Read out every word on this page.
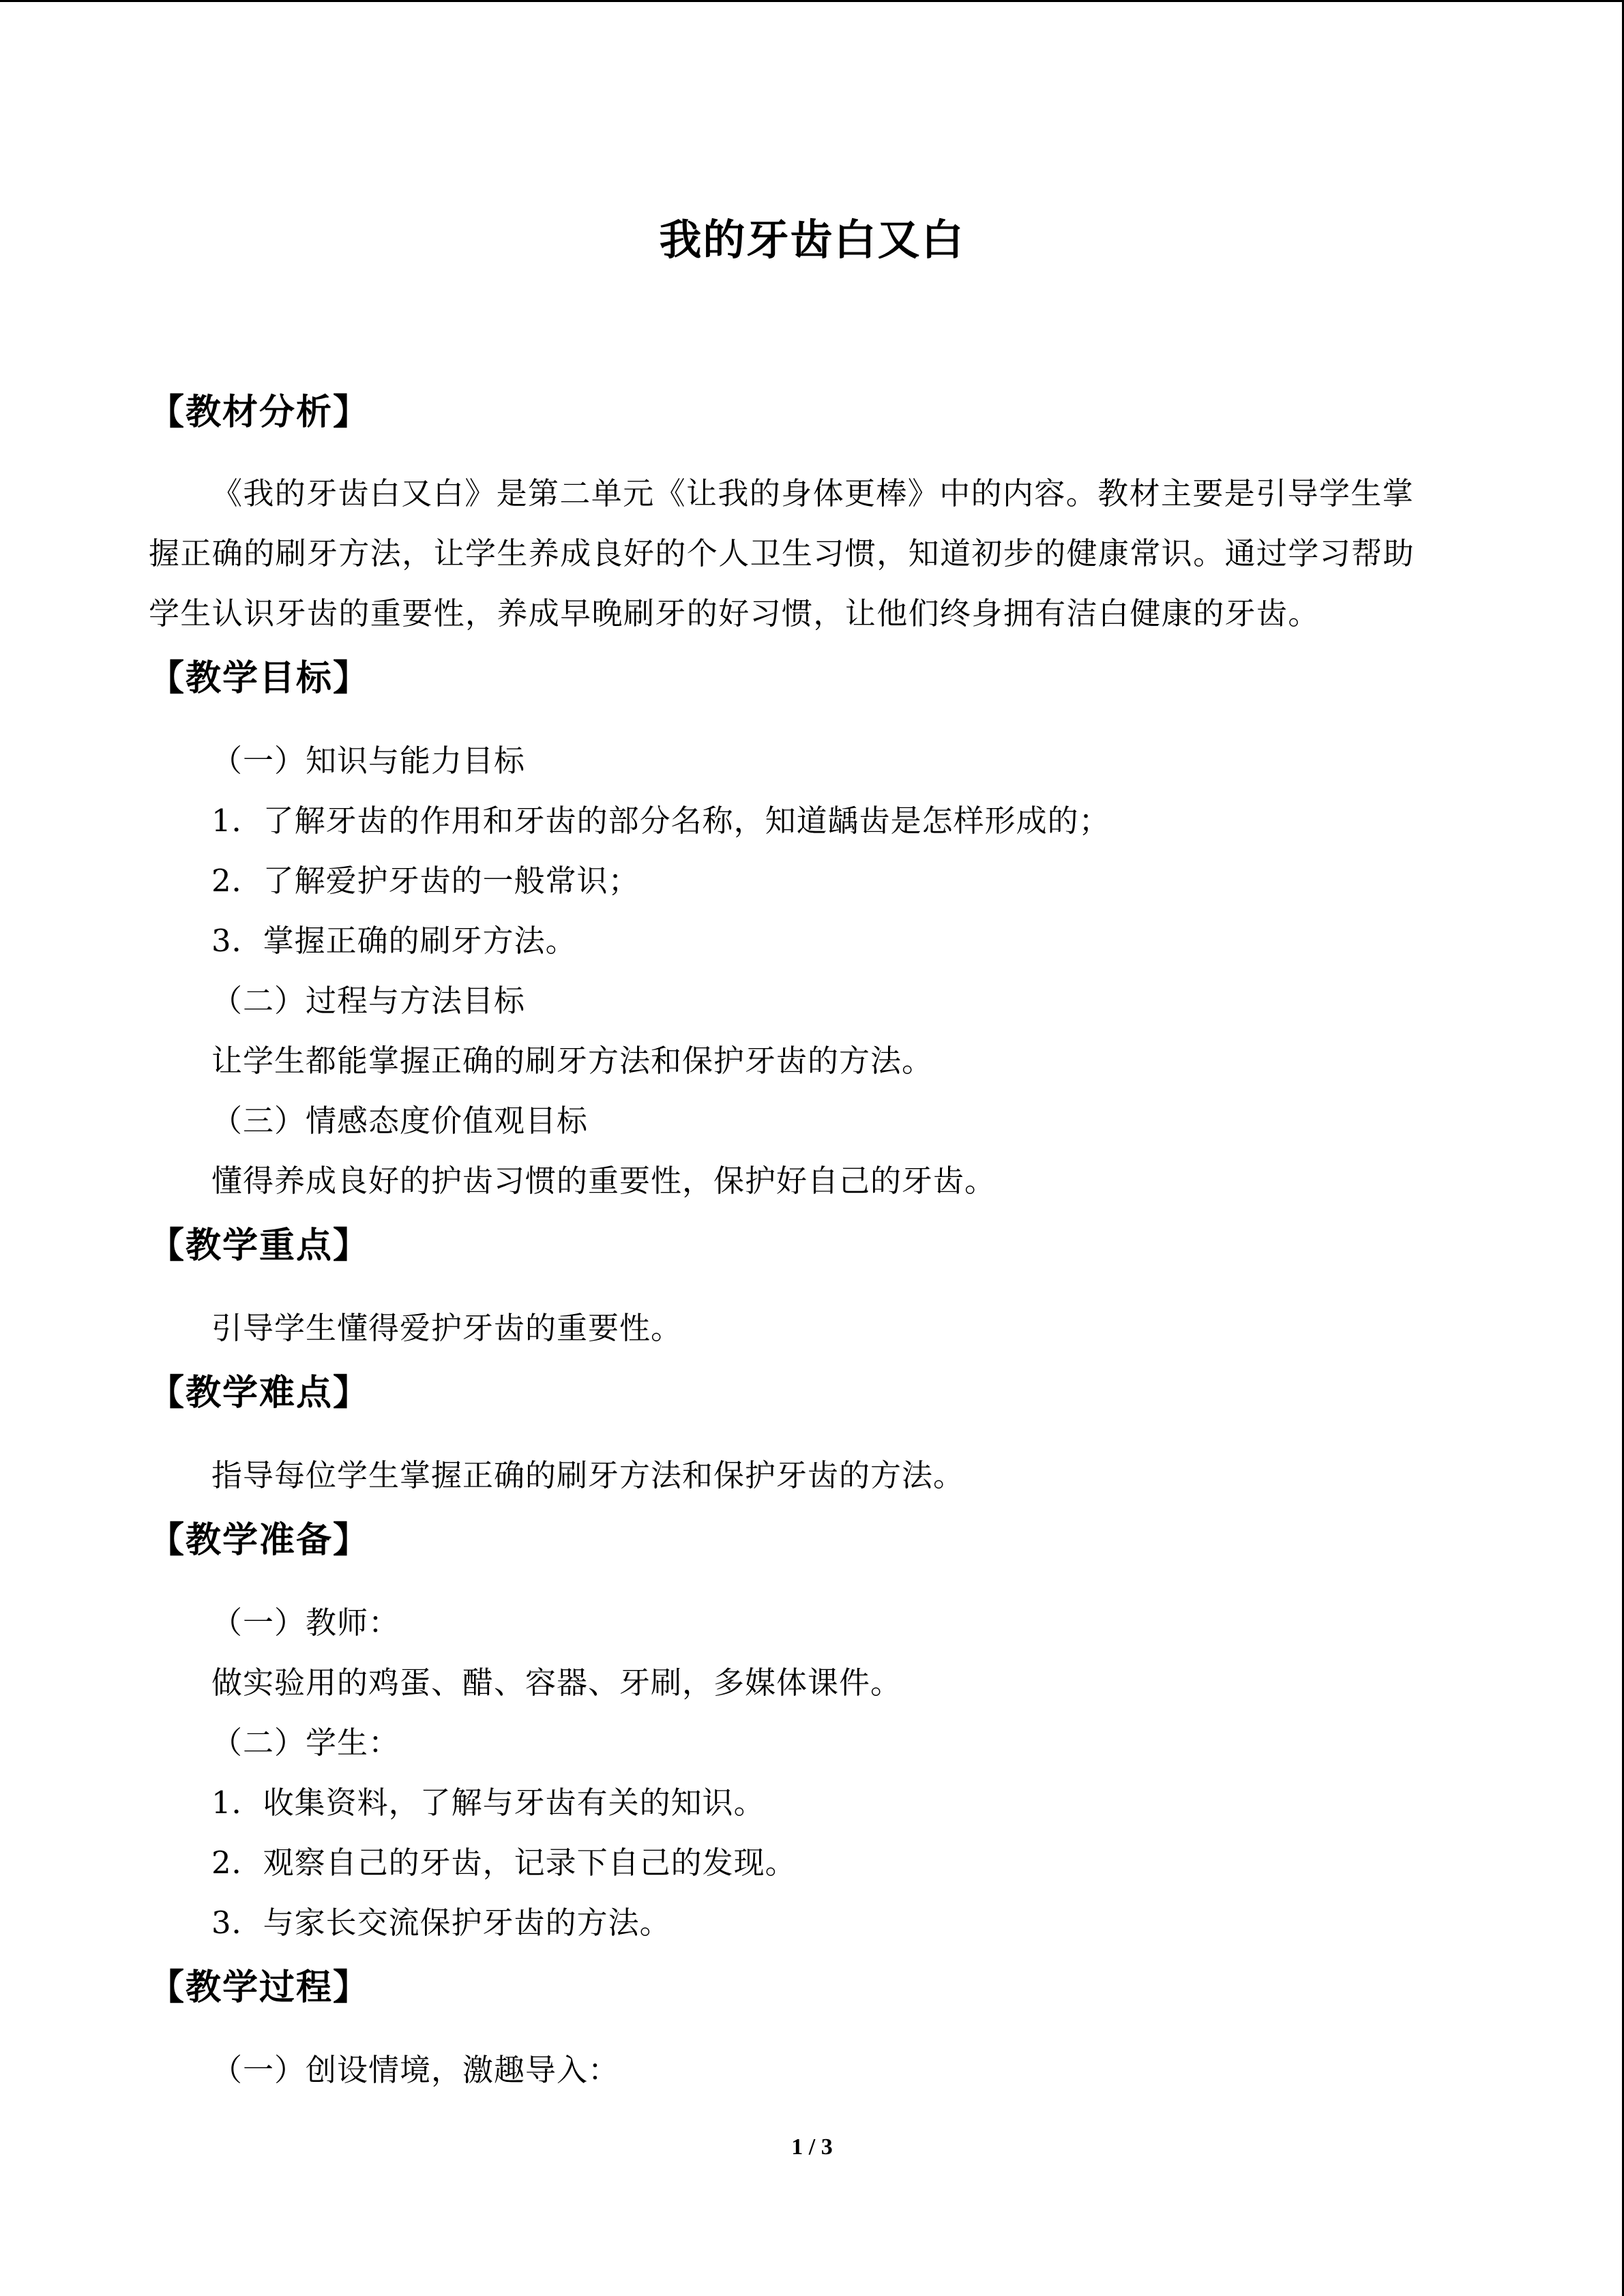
我的牙齿白又白
【教材分析】
《我的牙齿白又白》是第二单元《让我的身体更棒》中的内容。教材主要是引导学生掌
握正确的刷牙方法，让学生养成良好的个人卫生习惯，知道初步的健康常识。通过学习帮助
学生认识牙齿的重要性，养成早晚刷牙的好习惯，让他们终身拥有洁白健康的牙齿。
【教学目标】
（一）知识与能力目标
1．了解牙齿的作用和牙齿的部分名称，知道龋齿是怎样形成的；
2．了解爱护牙齿的一般常识；
3．掌握正确的刷牙方法。
（二）过程与方法目标
让学生都能掌握正确的刷牙方法和保护牙齿的方法。
（三）情感态度价值观目标
懂得养成良好的护齿习惯的重要性，保护好自己的牙齿。
【教学重点】
引导学生懂得爱护牙齿的重要性。
【教学难点】
指导每位学生掌握正确的刷牙方法和保护牙齿的方法。
【教学准备】
（一）教师：
做实验用的鸡蛋、醋、容器、牙刷，多媒体课件。
（二）学生：
1．收集资料，了解与牙齿有关的知识。
2．观察自己的牙齿，记录下自己的发现。
3．与家长交流保护牙齿的方法。
【教学过程】
（一）创设情境，激趣导入：
1 / 3
